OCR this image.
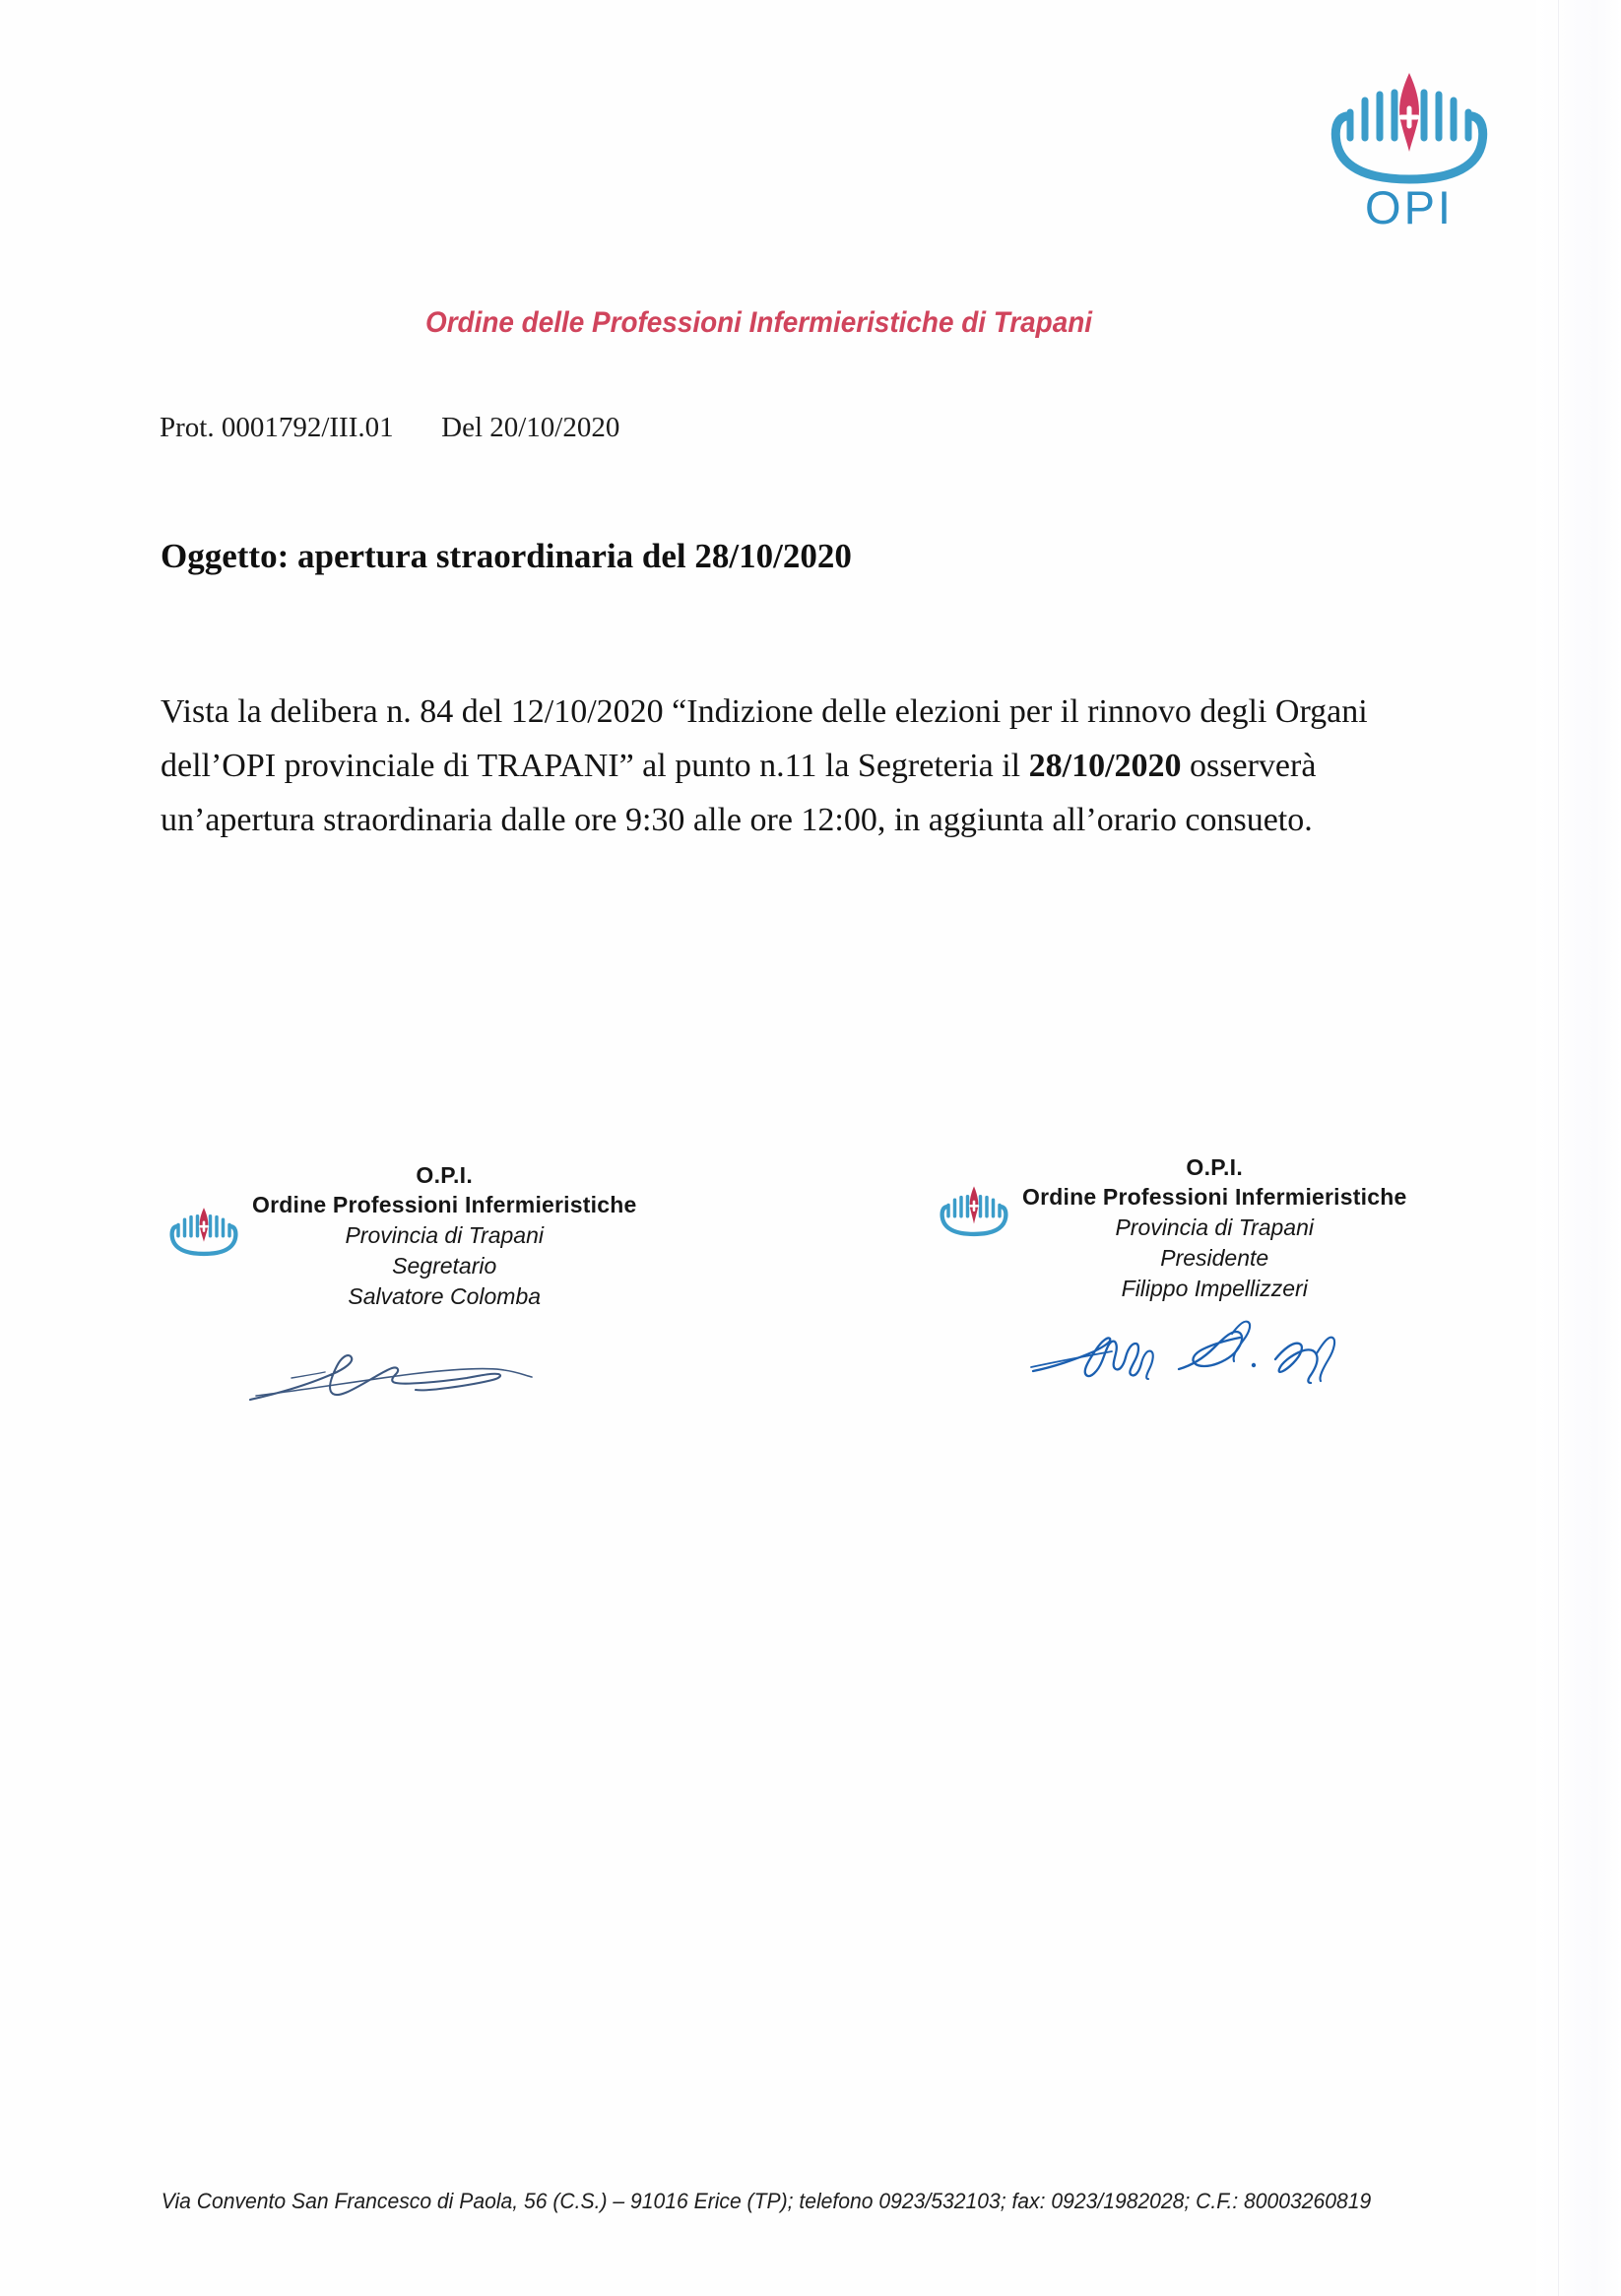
OPI
Ordine delle Professioni Infermieristiche di Trapani
Prot. 0001792/III.01 Del 20/10/2020
Oggetto: apertura straordinaria del 28/10/2020
Vista la delibera n. 84 del 12/10/2020 “Indizione delle elezioni per il rinnovo degli Organi dell’OPI provinciale di TRAPANI” al punto n.11 la Segreteria il 28/10/2020 osserverà un’apertura straordinaria dalle ore 9:30 alle ore 12:00, in aggiunta all’orario consueto.
O.P.I.
Ordine Professioni Infermieristiche
Provincia di Trapani
Segretario
Salvatore Colomba
O.P.I.
Ordine Professioni Infermieristiche
Provincia di Trapani
Presidente
Filippo Impellizzeri
Via Convento San Francesco di Paola, 56 (C.S.) – 91016 Erice (TP); telefono 0923/532103; fax: 0923/1982028; C.F.: 80003260819
